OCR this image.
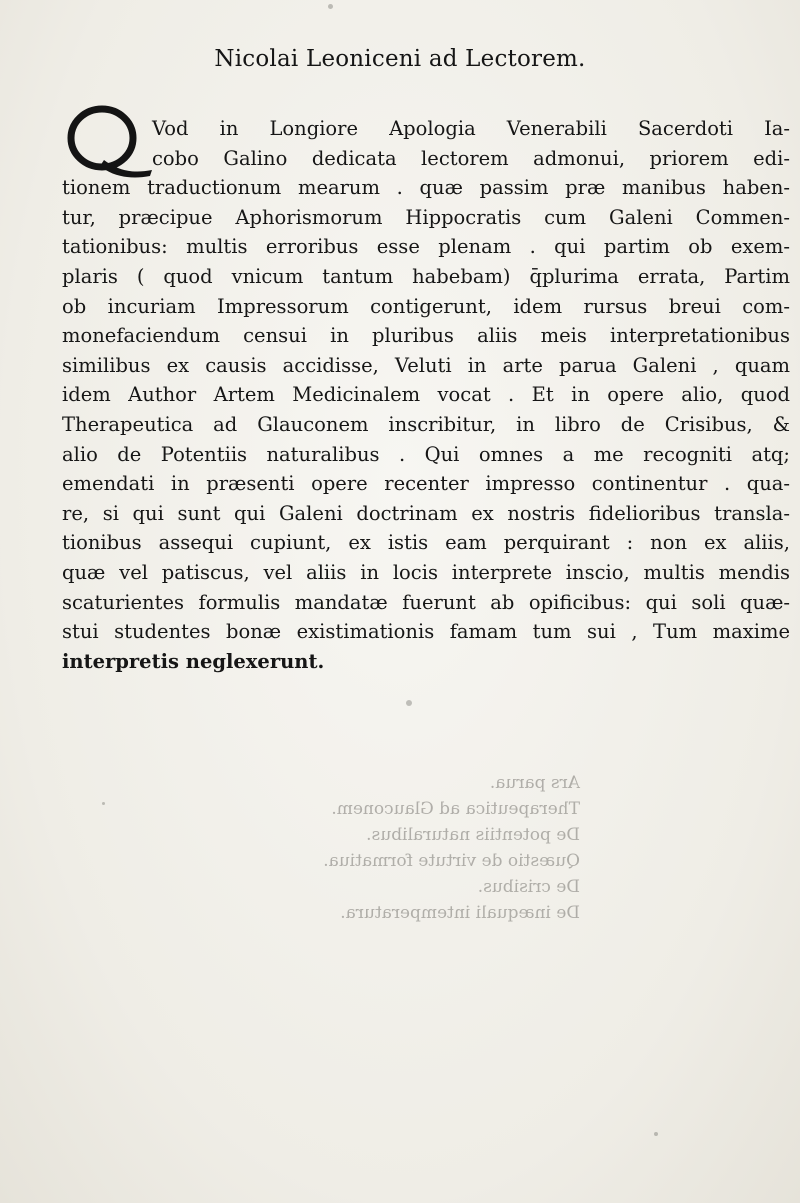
Nicolai Leoniceni ad Lectorem.
Q
Vod in Longiore Apologia Venerabili Sacerdoti Ia-
cobo Galino dedicata lectorem admonui, priorem edi-
tionem traductionum mearum . quæ passim præ manibus haben-
tur, præcipue Aphorismorum Hippocratis cum Galeni Commen-
tationibus: multis erroribus esse plenam . qui partim ob exem-
plaris ( quod vnicum tantum habebam) q̄plurima errata, Partim
ob incuriam Impressorum contigerunt, idem rursus breui com-
monefaciendum censui in pluribus aliis meis interpretationibus
similibus ex causis accidisse, Veluti in arte parua Galeni , quam
idem Author Artem Medicinalem vocat . Et in opere alio, quod
Therapeutica ad Glauconem inscribitur, in libro de Crisibus, &
alio de Potentiis naturalibus . Qui omnes a me recogniti atq;
emendati in præsenti opere recenter impresso continentur . qua-
re, si qui sunt qui Galeni doctrinam ex nostris fidelioribus transla-
tionibus assequi cupiunt, ex istis eam perquirant : non ex aliis,
quæ vel patiscus, vel aliis in locis interprete inscio, multis mendis
scaturientes formulis mandatæ fuerunt ab opificibus: qui soli quæ-
stui studentes bonæ existimationis famam tum sui , Tum maxime
interpretis neglexerunt.
Ars parua.
Therapeutica ad Glauconem.
De potentiis naturalibus.
Quæstio de virtute formatiua.
De crisibus.
De inæquali intemperatura.
